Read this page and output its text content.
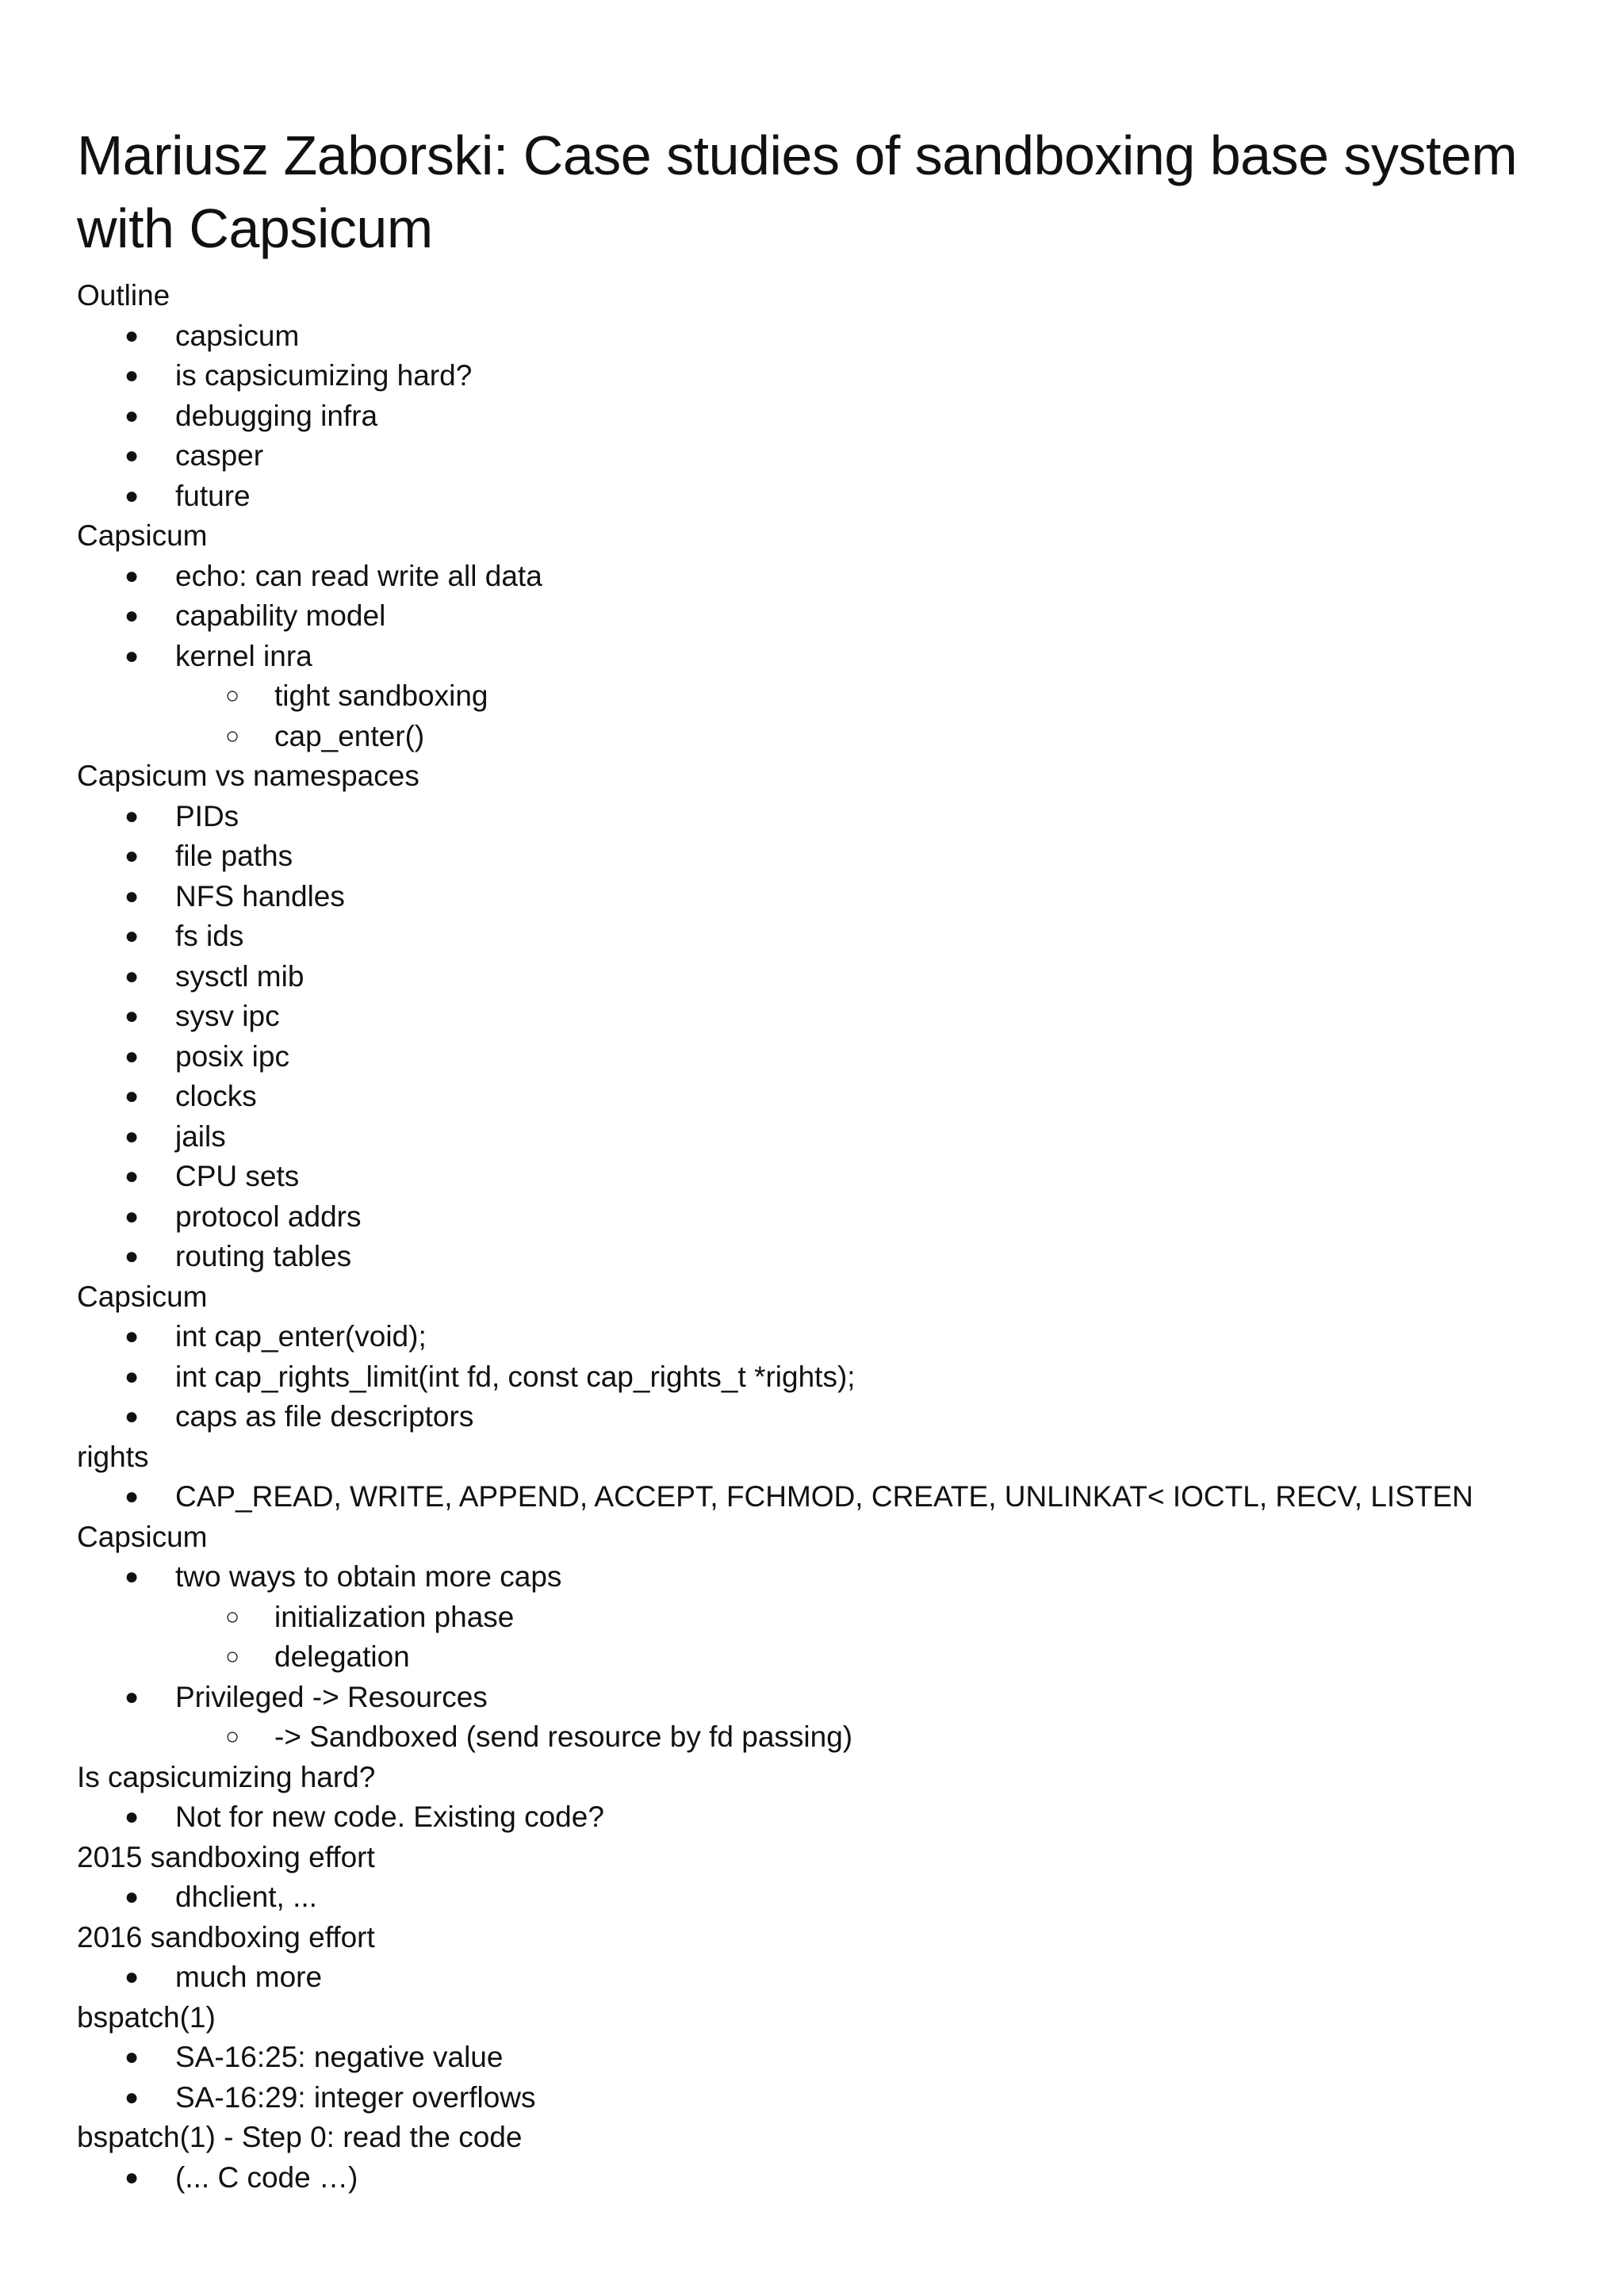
Mariusz Zaborski: Case studies of sandboxing base system with Capsicum
Outline
● capsicum
● is capsicumizing hard?
● debugging infra
● casper
● future
Capsicum
● echo: can read write all data
● capability model
● kernel inra
○ tight sandboxing
○ cap_enter()
Capsicum vs namespaces
● PIDs
● file paths
● NFS handles
● fs ids
● sysctl mib
● sysv ipc
● posix ipc
● clocks
● jails
● CPU sets
● protocol addrs
● routing tables
Capsicum
● int cap_enter(void);
● int cap_rights_limit(int fd, const cap_rights_t *rights);
● caps as file descriptors
rights
● CAP_READ, WRITE, APPEND, ACCEPT, FCHMOD, CREATE, UNLINKAT< IOCTL, RECV, LISTEN
Capsicum
● two ways to obtain more caps
○ initialization phase
○ delegation
● Privileged -> Resources
○ -> Sandboxed (send resource by fd passing)
Is capsicumizing hard?
● Not for new code. Existing code?
2015 sandboxing effort
● dhclient, ...
2016 sandboxing effort
● much more
bspatch(1)
● SA-16:25: negative value
● SA-16:29: integer overflows
bspatch(1) - Step 0: read the code
● (... C code …)
